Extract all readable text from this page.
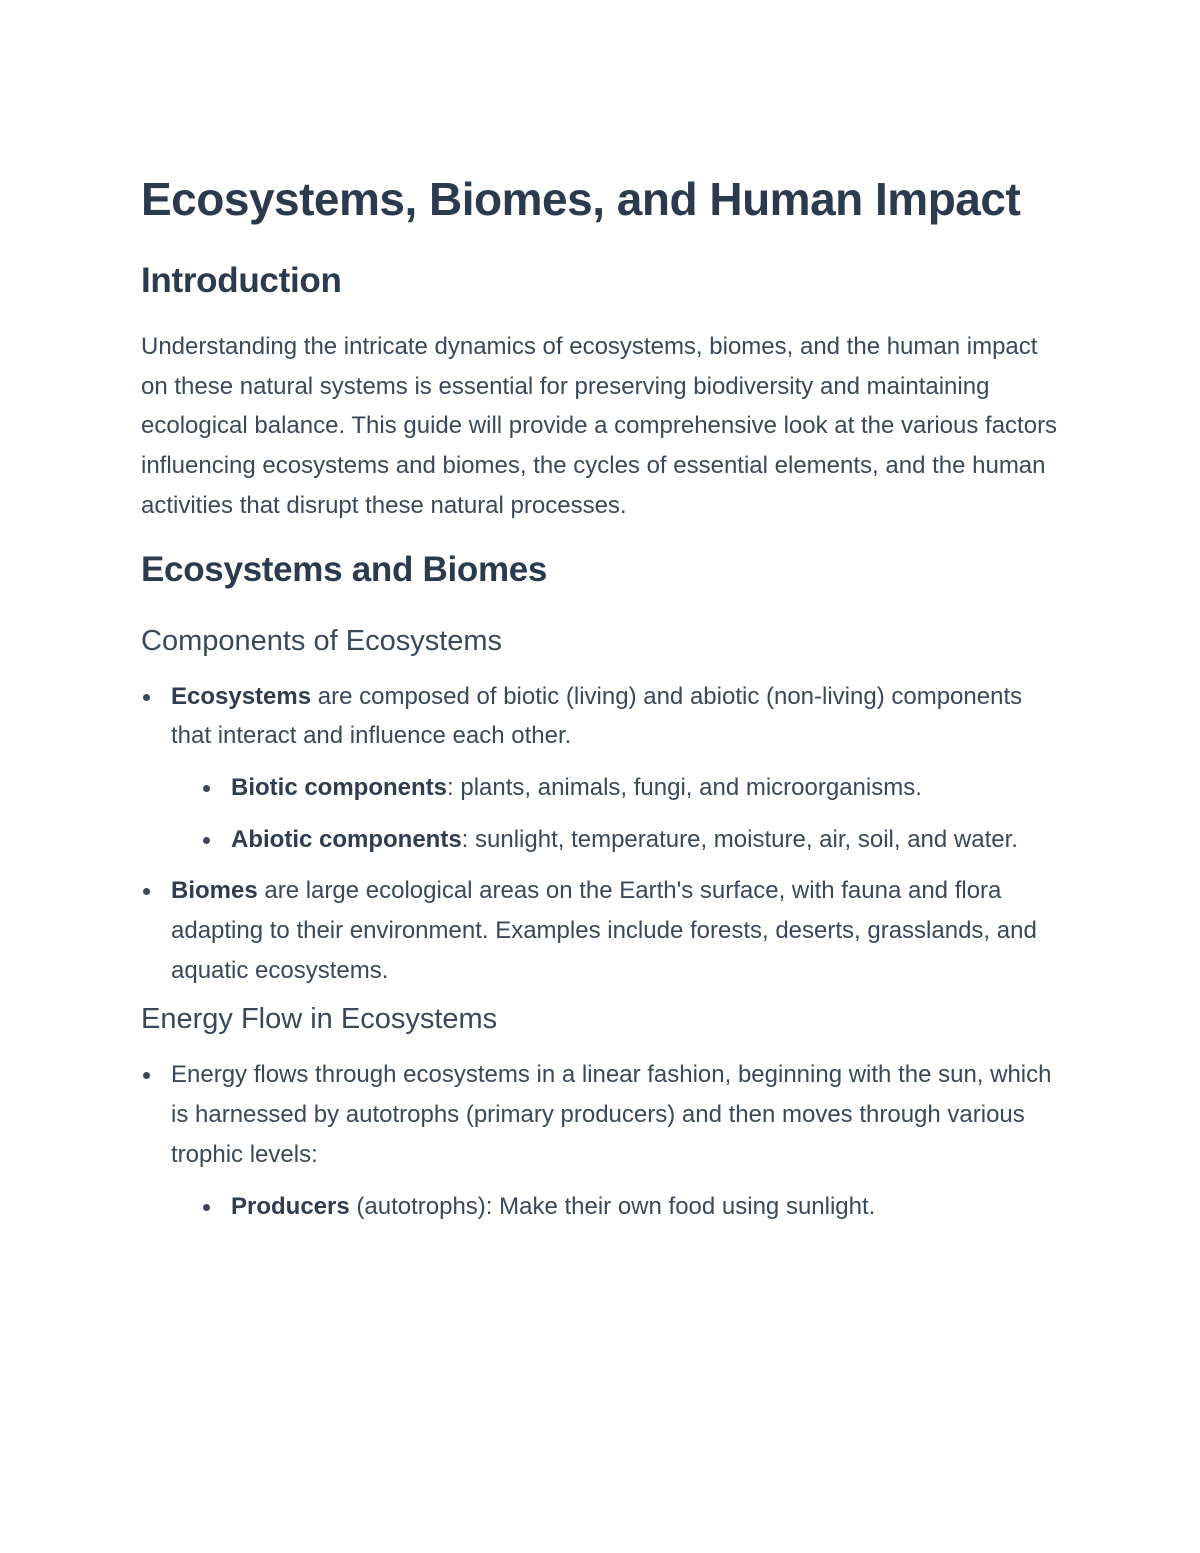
Ecosystems, Biomes, and Human Impact
Introduction

Understanding the intricate dynamics of ecosystems, biomes, and the human impact on these natural systems is essential for preserving biodiversity and maintaining ecological balance. This guide will provide a comprehensive look at the various factors influencing ecosystems and biomes, the cycles of essential elements, and the human activities that disrupt these natural processes.

Ecosystems and Biomes
Components of Ecosystems
Ecosystems are composed of biotic (living) and abiotic (non-living) components that interact and influence each other.
Biotic components: plants, animals, fungi, and microorganisms.
Abiotic components: sunlight, temperature, moisture, air, soil, and water.
Biomes are large ecological areas on the Earth's surface, with fauna and flora adapting to their environment. Examples include forests, deserts, grasslands, and aquatic ecosystems.
Energy Flow in Ecosystems
Energy flows through ecosystems in a linear fashion, beginning with the sun, which is harnessed by autotrophs (primary producers) and then moves through various trophic levels:
Producers (autotrophs): Make their own food using sunlight.
